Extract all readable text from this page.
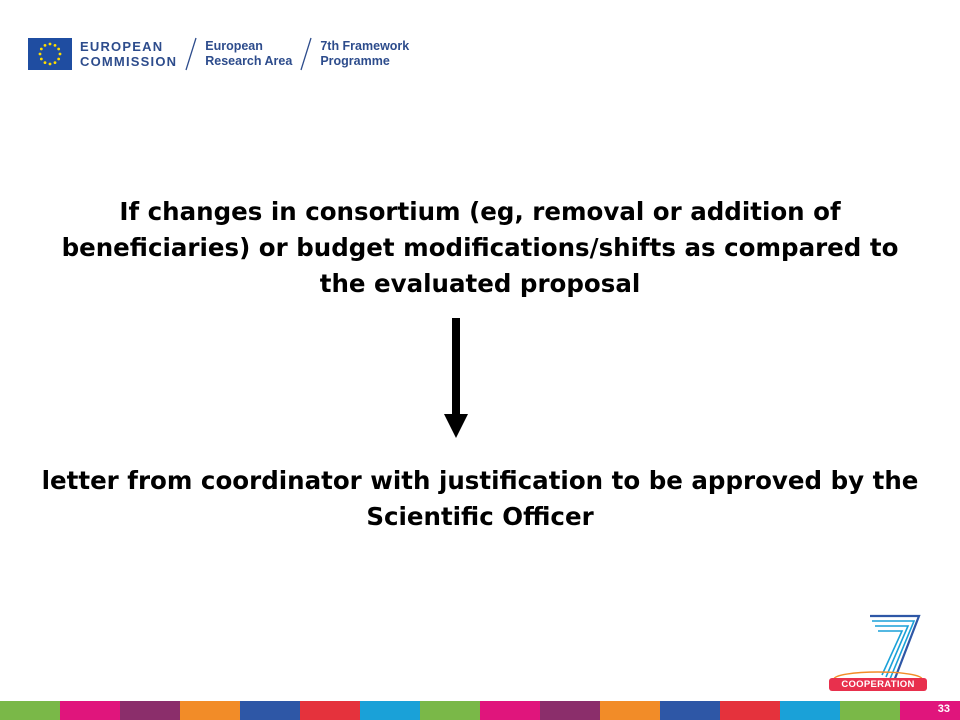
EUROPEAN
COMMISSION
European
Research Area
7th Framework
Programme

If changes in consortium (eg, removal or addition of beneficiaries) or budget modifications/shifts as compared to the evaluated proposal

letter from coordinator with justification to be approved by the Scientific Officer

COOPERATION
33
